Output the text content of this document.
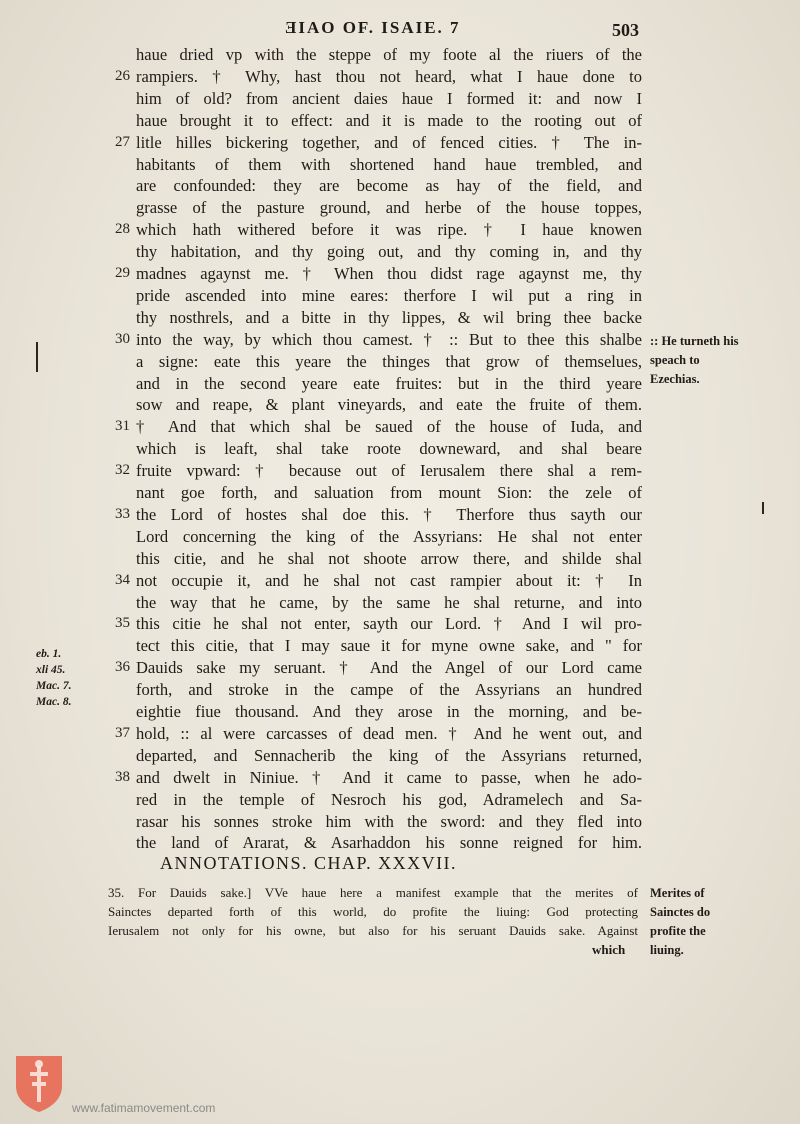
ƎIAO OF. ISAIE. 7	503
haue dried vp with the steppe of my foote al the riuers of the
26 rampiers. † Why, hast thou not heard, what I haue done to
him of old? from ancient daies haue I formed it: and now I
haue brought it to effect: and it is made to the rooting out of
27 litle hilles bickering together, and of fenced cities. † The in-
habitants of them with shortened hand haue trembled, and
are confounded: they are become as hay of the field, and
grasse of the pasture ground, and herbe of the house toppes,
28 which hath withered before it was ripe. † I haue knowen
thy habitation, and thy going out, and thy coming in, and thy
29 madnes agaynst me. † When thou didst rage agaynst me, thy
pride ascended into mine eares: therfore I wil put a ring in
thy nosthrels, and a bitte in thy lippes, & wil bring thee backe
30 into the way, by which thou camest. † :: But to thee this shalbe
a signe: eate this yeare the thinges that grow of themselues,
and in the second yeare eate fruites: but in the third yeare
sow and reape, & plant vineyards, and eate the fruite of them.
31 † And that which shal be saued of the house of Iuda, and
which is leaft, shal take roote downeward, and shal beare
32 fruite vpward: † because out of Ierusalem there shal a rem-
nant goe forth, and saluation from mount Sion: the zele of
33 the Lord of hostes shal doe this. † Therfore thus sayth our
Lord concerning the king of the Assyrians: He shal not enter
this citie, and he shal not shoote arrow there, and shilde shal
34 not occupie it, and he shal not cast rampier about it: † In
the way that he came, by the same he shal returne, and into
35 this citie he shal not enter, sayth our Lord. † And I wil pro-
tect this citie, that I may saue it for myne owne sake, and " for
36 Dauids sake my seruant. † And the Angel of our Lord came
forth, and stroke in the campe of the Assyrians an hundred
eightie fiue thousand. And they arose in the morning, and be-
37 hold, :: al were carcasses of dead men. † And he went out, and
departed, and Sennacherib the king of the Assyrians returned,
38 and dwelt in Niniue. † And it came to passe, when he ado-
red in the temple of Nesroch his god, Adramelech and Sa-
rasar his sonnes stroke him with the sword: and they fled into
the land of Ararat, & Asarhaddon his sonne reigned for him.
:: He turneth his speach to Ezechias.
eb. 1.
xli 45.
Mac. 7.
Mac. 8.
ANNOTATIONS. CHAP. XXXVII.
35. For Dauids sake.] VVe haue here a manifest example that the merites of
Sainctes departed forth of this world, do profite the liuing: God protecting
Ierusalem not only for his owne, but also for his seruant Dauids sake. Against
Merites of Sainctes do profite the liuing.
which
www.fatimamovement.com
